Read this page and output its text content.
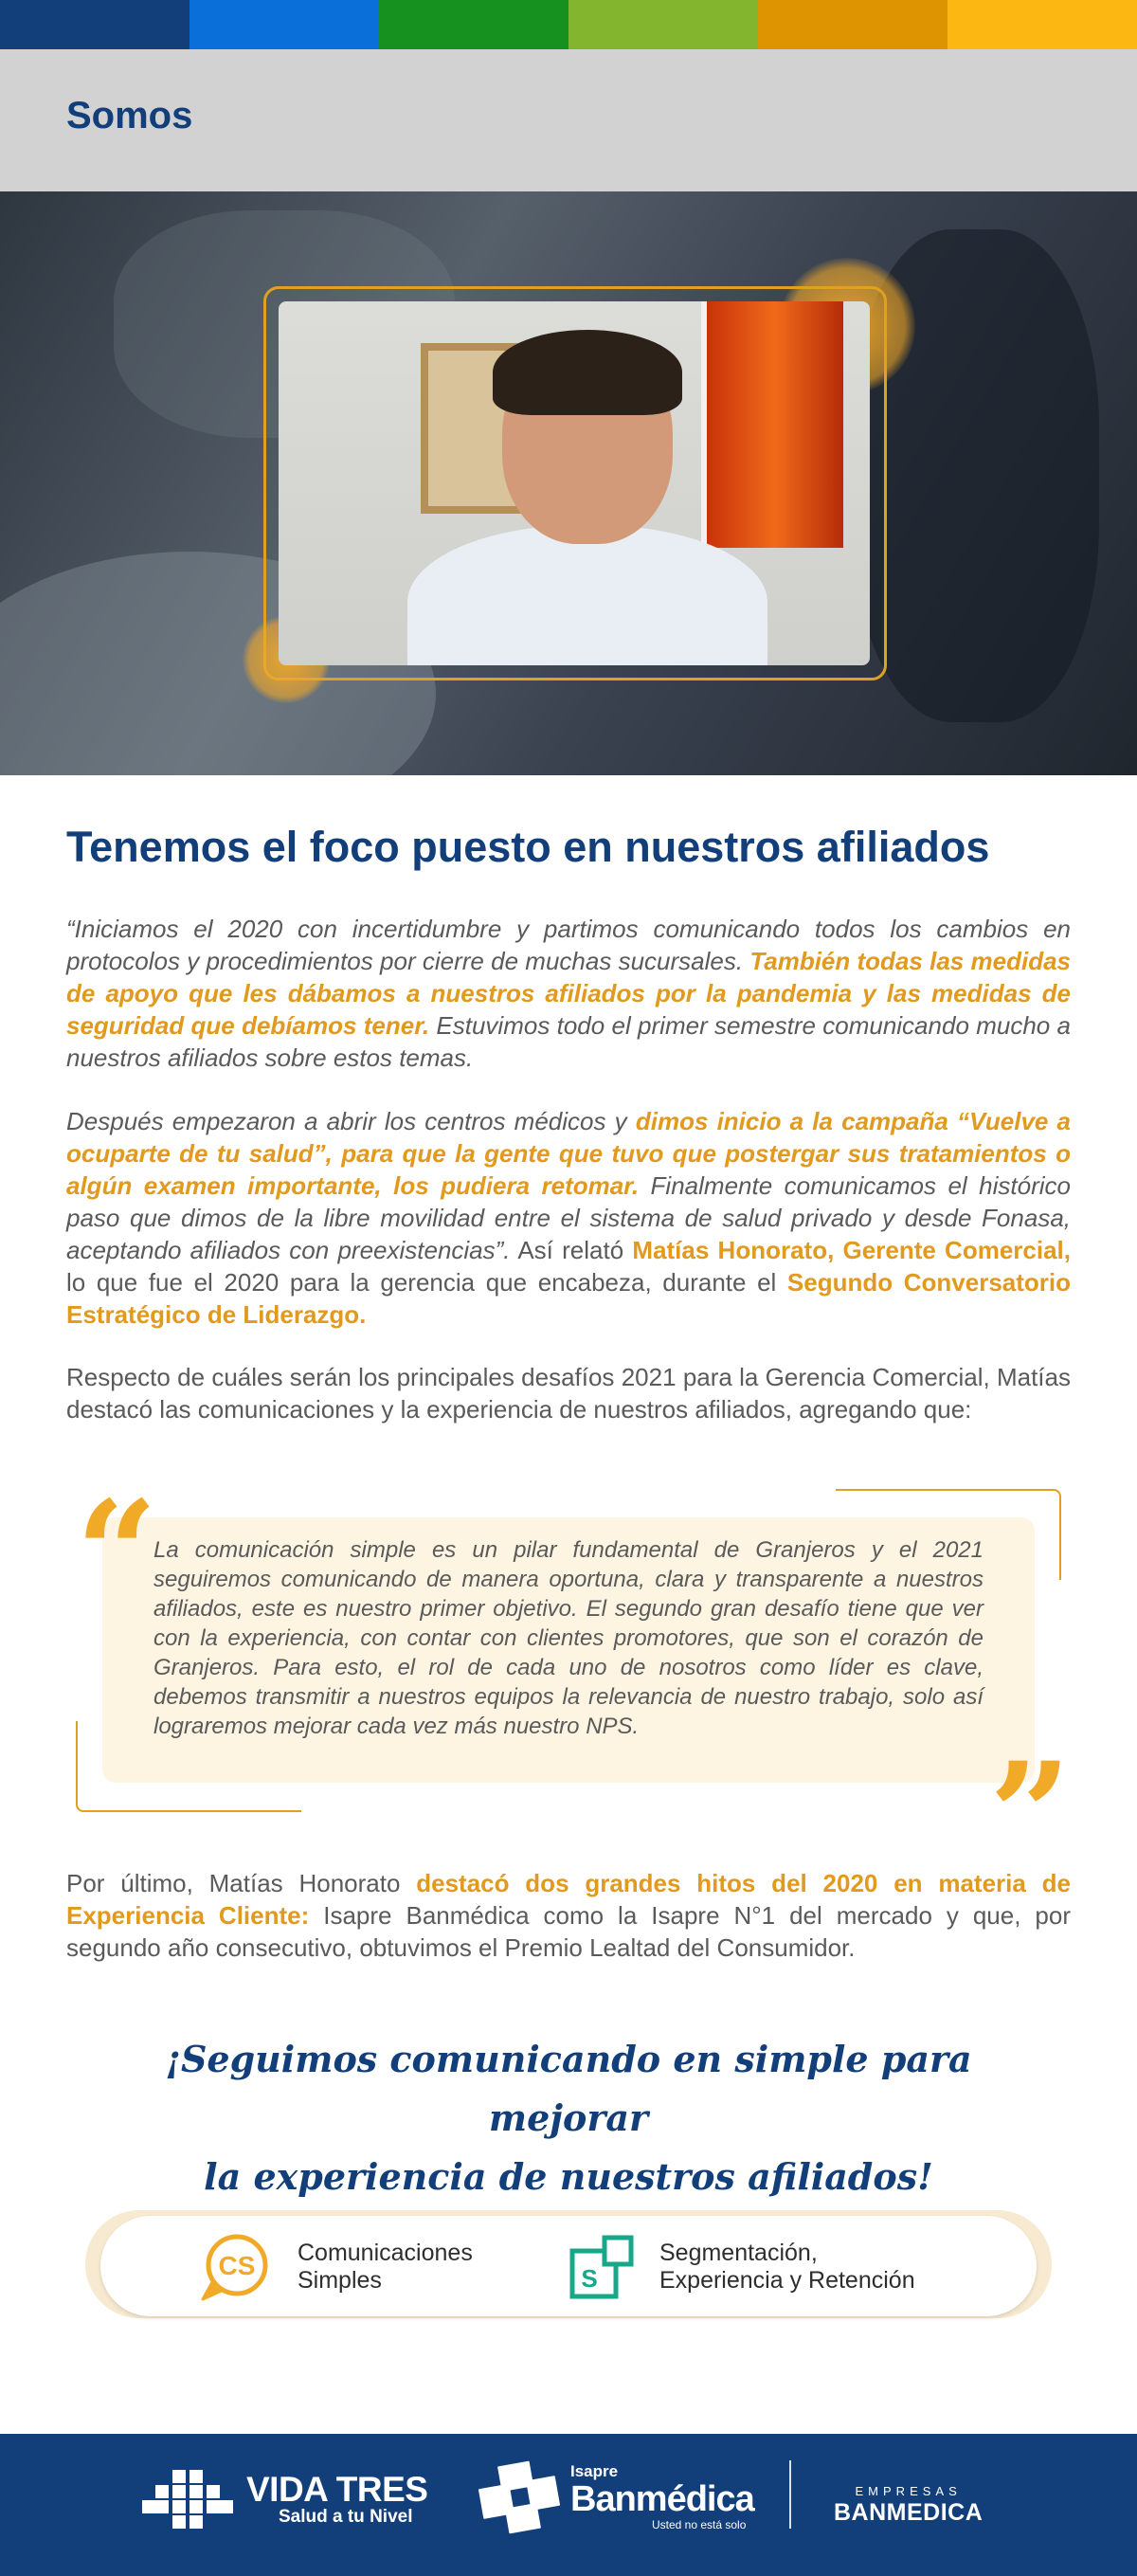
Somos
Tenemos el foco puesto en nuestros afiliados

“Iniciamos el 2020 con incertidumbre y partimos comunicando todos los cambios en protocolos y procedimientos por cierre de muchas sucursales. También todas las medidas de apoyo que les dábamos a nuestros afiliados por la pandemia y las medidas de seguridad que debíamos tener. Estuvimos todo el primer semestre comunicando mucho a nuestros afiliados sobre estos temas.

Después empezaron a abrir los centros médicos y dimos inicio a la campaña “Vuelve a ocuparte de tu salud”, para que la gente que tuvo que postergar sus tratamientos o algún examen importante, los pudiera retomar. Finalmente comunicamos el histórico paso que dimos de la libre movilidad entre el sistema de salud privado y desde Fonasa, aceptando afiliados con preexistencias”. Así relató Matías Honorato, Gerente Comercial, lo que fue el 2020 para la gerencia que encabeza, durante el Segundo Conversatorio Estratégico de Liderazgo.

Respecto de cuáles serán los principales desafíos 2021 para la Gerencia Comercial, Matías destacó las comunicaciones y la experiencia de nuestros afiliados, agregando que:

“

La comunicación simple es un pilar fundamental de Granjeros y el 2021 seguiremos comunicando de manera oportuna, clara y transparente a nuestros afiliados, este es nuestro primer objetivo. El segundo gran desafío tiene que ver con la experiencia, con contar con clientes promotores, que son el corazón de Granjeros. Para esto, el rol de cada uno de nosotros como líder es clave, debemos transmitir a nuestros equipos la relevancia de nuestro trabajo, solo así lograremos mejorar cada vez más nuestro NPS.

”

Por último, Matías Honorato destacó dos grandes hitos del 2020 en materia de Experiencia Cliente: Isapre Banmédica como la Isapre N°1 del mercado y que, por segundo año consecutivo, obtuvimos el Premio Lealtad del Consumidor.

¡Seguimos comunicando en simple para mejorar
la experiencia de nuestros afiliados!
CS Comunicaciones
Simples	S
Segmentación,
Experiencia y Retención
VIDA TRES
Salud a tu Nivel
Isapre
Banmédica
Usted no está solo
EMPRESAS
BANMEDICA
